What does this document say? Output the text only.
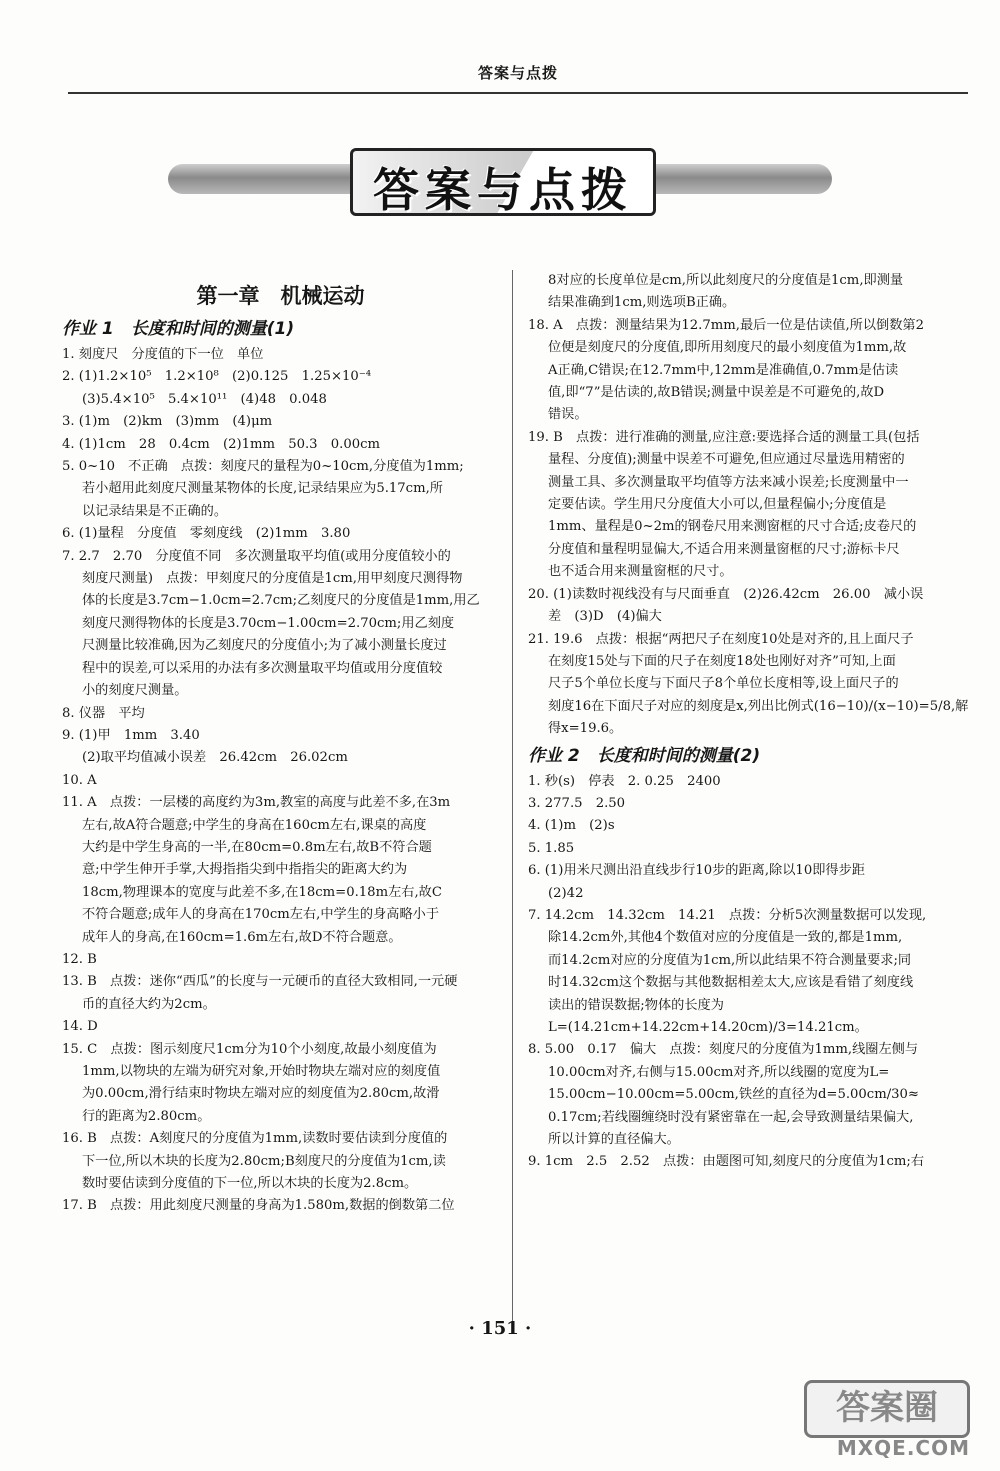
答案与点拨
答案与点拨
第一章　机械运动
作业 1　长度和时间的测量(1)
1. 刻度尺　分度值的下一位　单位
2. (1)1.2×10⁵　1.2×10⁸　(2)0.125　1.25×10⁻⁴
(3)5.4×10⁵　5.4×10¹¹　(4)48　0.048
3. (1)m　(2)km　(3)mm　(4)μm
4. (1)1cm　28　0.4cm　(2)1mm　50.3　0.00cm
5. 0~10　不正确　点拨：刻度尺的量程为0~10cm,分度值为1mm;
若小超用此刻度尺测量某物体的长度,记录结果应为5.17cm,所
以记录结果是不正确的。
6. (1)量程　分度值　零刻度线　(2)1mm　3.80
7. 2.7　2.70　分度值不同　多次测量取平均值(或用分度值较小的
刻度尺测量)　点拨：甲刻度尺的分度值是1cm,用甲刻度尺测得物
体的长度是3.7cm−1.0cm=2.7cm;乙刻度尺的分度值是1mm,用乙
刻度尺测得物体的长度是3.70cm−1.00cm=2.70cm;用乙刻度
尺测量比较准确,因为乙刻度尺的分度值小;为了减小测量长度过
程中的误差,可以采用的办法有多次测量取平均值或用分度值较
小的刻度尺测量。
8. 仪器　平均
9. (1)甲　1mm　3.40
(2)取平均值减小误差　26.42cm　26.02cm
10. A
11. A　点拨：一层楼的高度约为3m,教室的高度与此差不多,在3m
左右,故A符合题意;中学生的身高在160cm左右,课桌的高度
大约是中学生身高的一半,在80cm=0.8m左右,故B不符合题
意;中学生伸开手掌,大拇指指尖到中指指尖的距离大约为
18cm,物理课本的宽度与此差不多,在18cm=0.18m左右,故C
不符合题意;成年人的身高在170cm左右,中学生的身高略小于
成年人的身高,在160cm=1.6m左右,故D不符合题意。
12. B
13. B　点拨：迷你“西瓜”的长度与一元硬币的直径大致相同,一元硬
币的直径大约为2cm。
14. D
15. C　点拨：图示刻度尺1cm分为10个小刻度,故最小刻度值为
1mm,以物块的左端为研究对象,开始时物块左端对应的刻度值
为0.00cm,滑行结束时物块左端对应的刻度值为2.80cm,故滑
行的距离为2.80cm。
16. B　点拨：A刻度尺的分度值为1mm,读数时要估读到分度值的
下一位,所以木块的长度为2.80cm;B刻度尺的分度值为1cm,读
数时要估读到分度值的下一位,所以木块的长度为2.8cm。
17. B　点拨：用此刻度尺测量的身高为1.580m,数据的倒数第二位
8对应的长度单位是cm,所以此刻度尺的分度值是1cm,即测量
结果准确到1cm,则选项B正确。
18. A　点拨：测量结果为12.7mm,最后一位是估读值,所以倒数第2
位便是刻度尺的分度值,即所用刻度尺的最小刻度值为1mm,故
A正确,C错误;在12.7mm中,12mm是准确值,0.7mm是估读
值,即“7”是估读的,故B错误;测量中误差是不可避免的,故D
错误。
19. B　点拨：进行准确的测量,应注意:要选择合适的测量工具(包括
量程、分度值);测量中误差不可避免,但应通过尽量选用精密的
测量工具、多次测量取平均值等方法来减小误差;长度测量中一
定要估读。学生用尺分度值大小可以,但量程偏小;分度值是
1mm、量程是0~2m的钢卷尺用来测窗框的尺寸合适;皮卷尺的
分度值和量程明显偏大,不适合用来测量窗框的尺寸;游标卡尺
也不适合用来测量窗框的尺寸。
20. (1)读数时视线没有与尺面垂直　(2)26.42cm　26.00　减小误
差　(3)D　(4)偏大
21. 19.6　点拨：根据“两把尺子在刻度10处是对齐的,且上面尺子
在刻度15处与下面的尺子在刻度18处也刚好对齐”可知,上面
尺子5个单位长度与下面尺子8个单位长度相等,设上面尺子的
刻度16在下面尺子对应的刻度是x,列出比例式(16−10)/(x−10)=5/8,解
得x=19.6。
作业 2　长度和时间的测量(2)
1. 秒(s)　停表　2. 0.25　2400
3. 277.5　2.50
4. (1)m　(2)s
5. 1.85
6. (1)用米尺测出沿直线步行10步的距离,除以10即得步距
(2)42
7. 14.2cm　14.32cm　14.21　点拨：分析5次测量数据可以发现,
除14.2cm外,其他4个数值对应的分度值是一致的,都是1mm,
而14.2cm对应的分度值为1cm,所以此结果不符合测量要求;同
时14.32cm这个数据与其他数据相差太大,应该是看错了刻度线
读出的错误数据;物体的长度为
L=(14.21cm+14.22cm+14.20cm)/3=14.21cm。
8. 5.00　0.17　偏大　点拨：刻度尺的分度值为1mm,线圈左侧与
10.00cm对齐,右侧与15.00cm对齐,所以线圈的宽度为L=
15.00cm−10.00cm=5.00cm,铁丝的直径为d=5.00cm/30≈
0.17cm;若线圈缠绕时没有紧密靠在一起,会导致测量结果偏大,
所以计算的直径偏大。
9. 1cm　2.5　2.52　点拨：由题图可知,刻度尺的分度值为1cm;右
· 151 ·
答案圈
MXQE.COM
